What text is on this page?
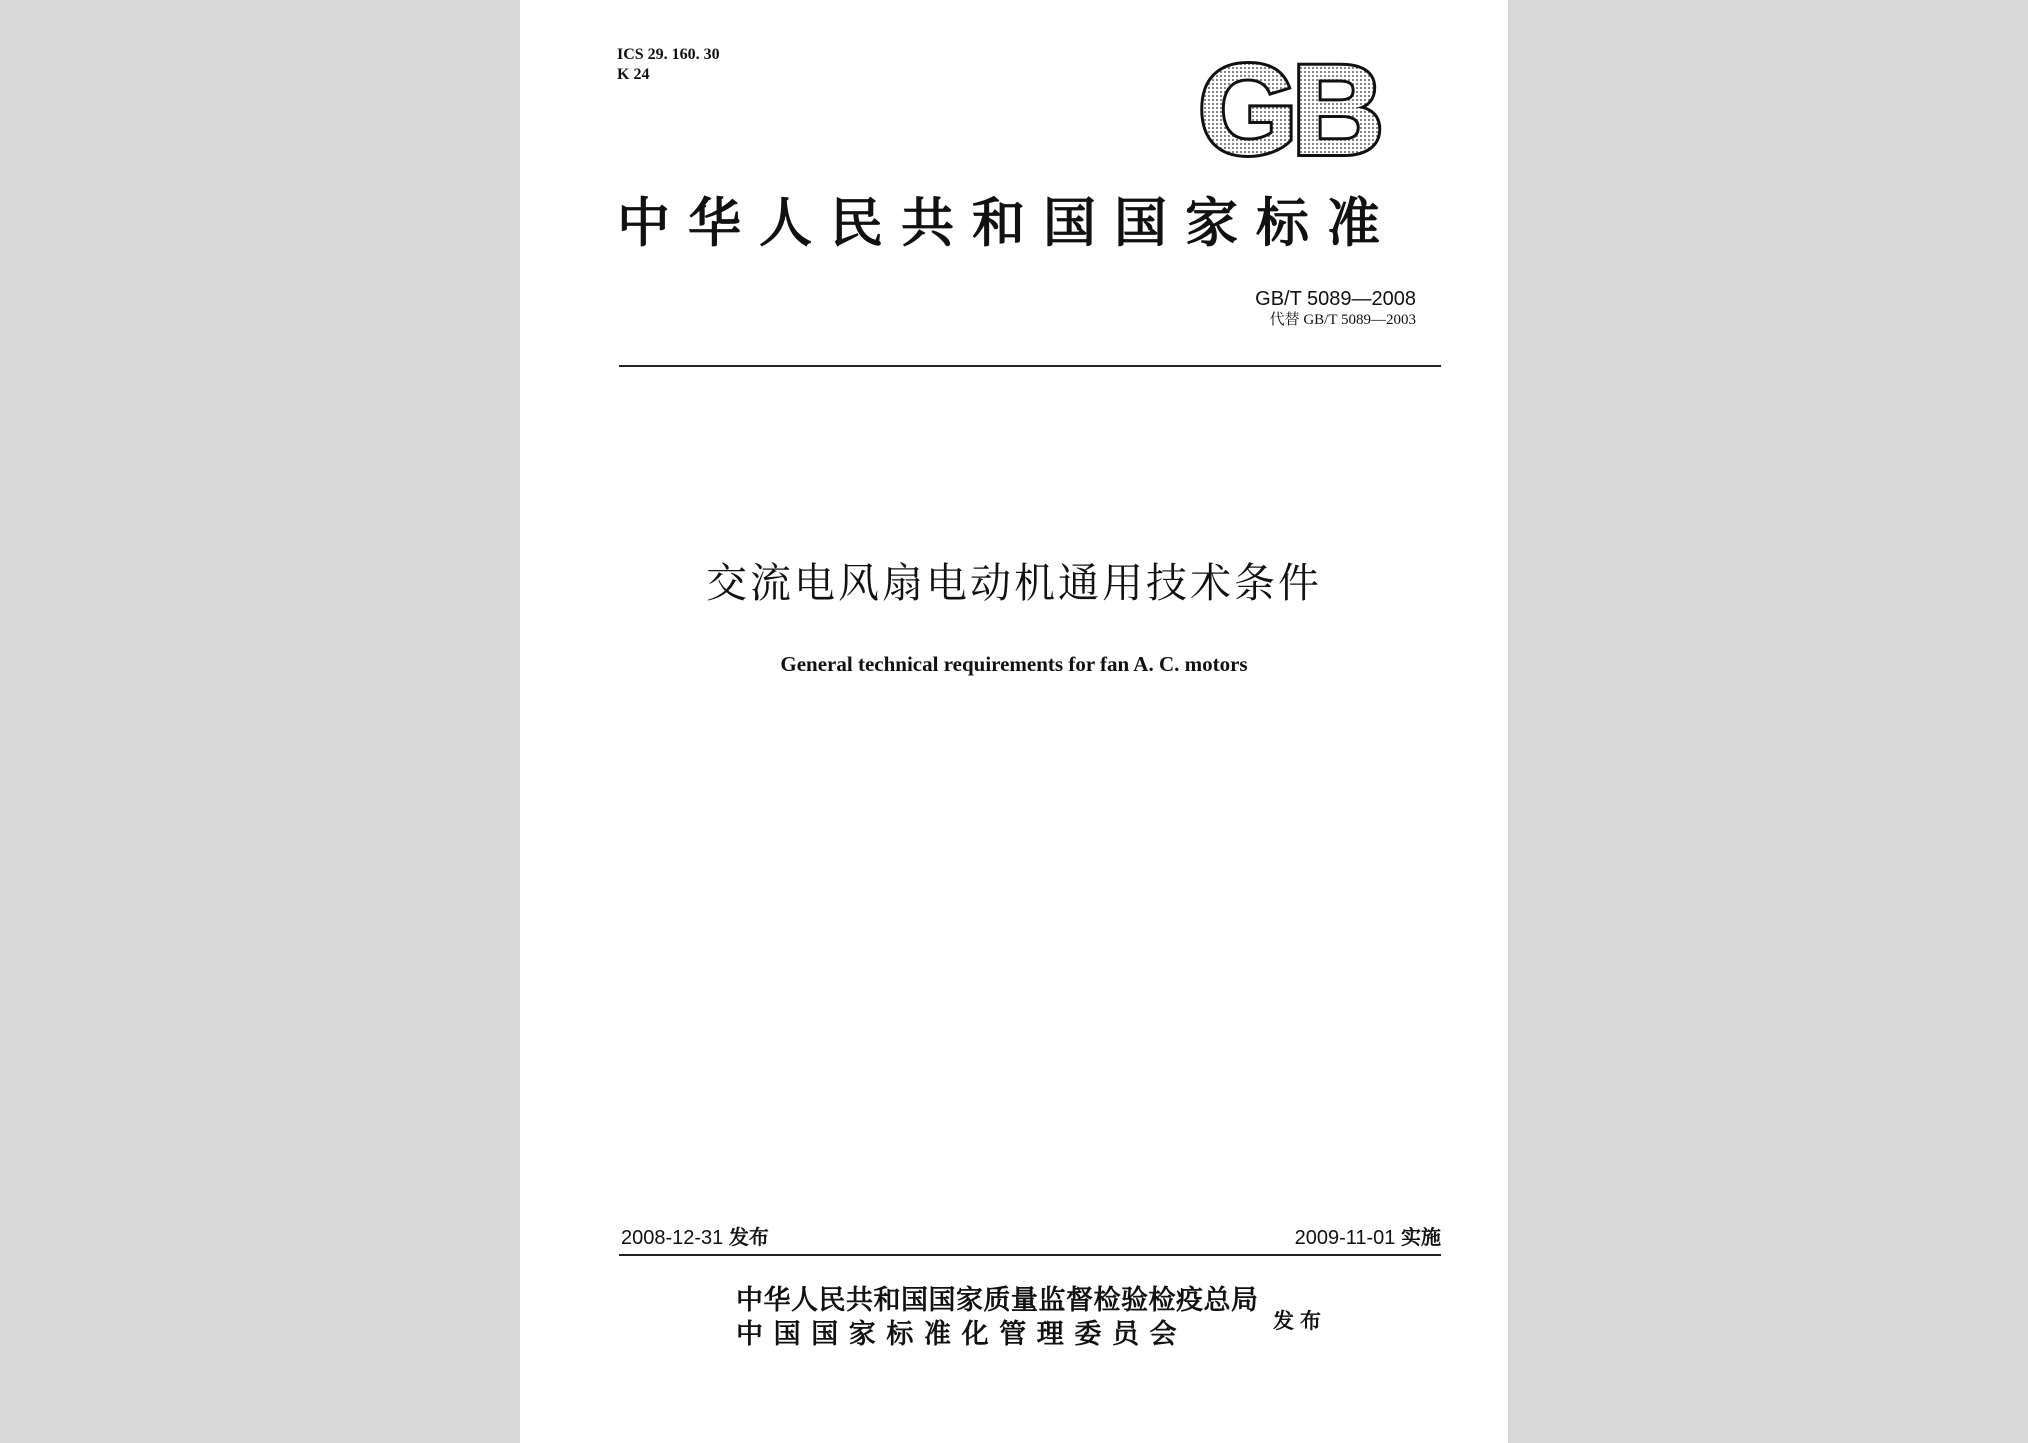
ICS 29. 160. 30
K 24	GB
中华人民共和国国家标准
GB/T 5089—2008
代替 GB/T 5089—2003
交流电风扇电动机通用技术条件
General technical requirements for fan A. C. motors
2008-12-31 发布	2009-11-01 实施
中华人民共和国国家质量监督检验检疫总局
中国国家标准化管理委员会	发布
